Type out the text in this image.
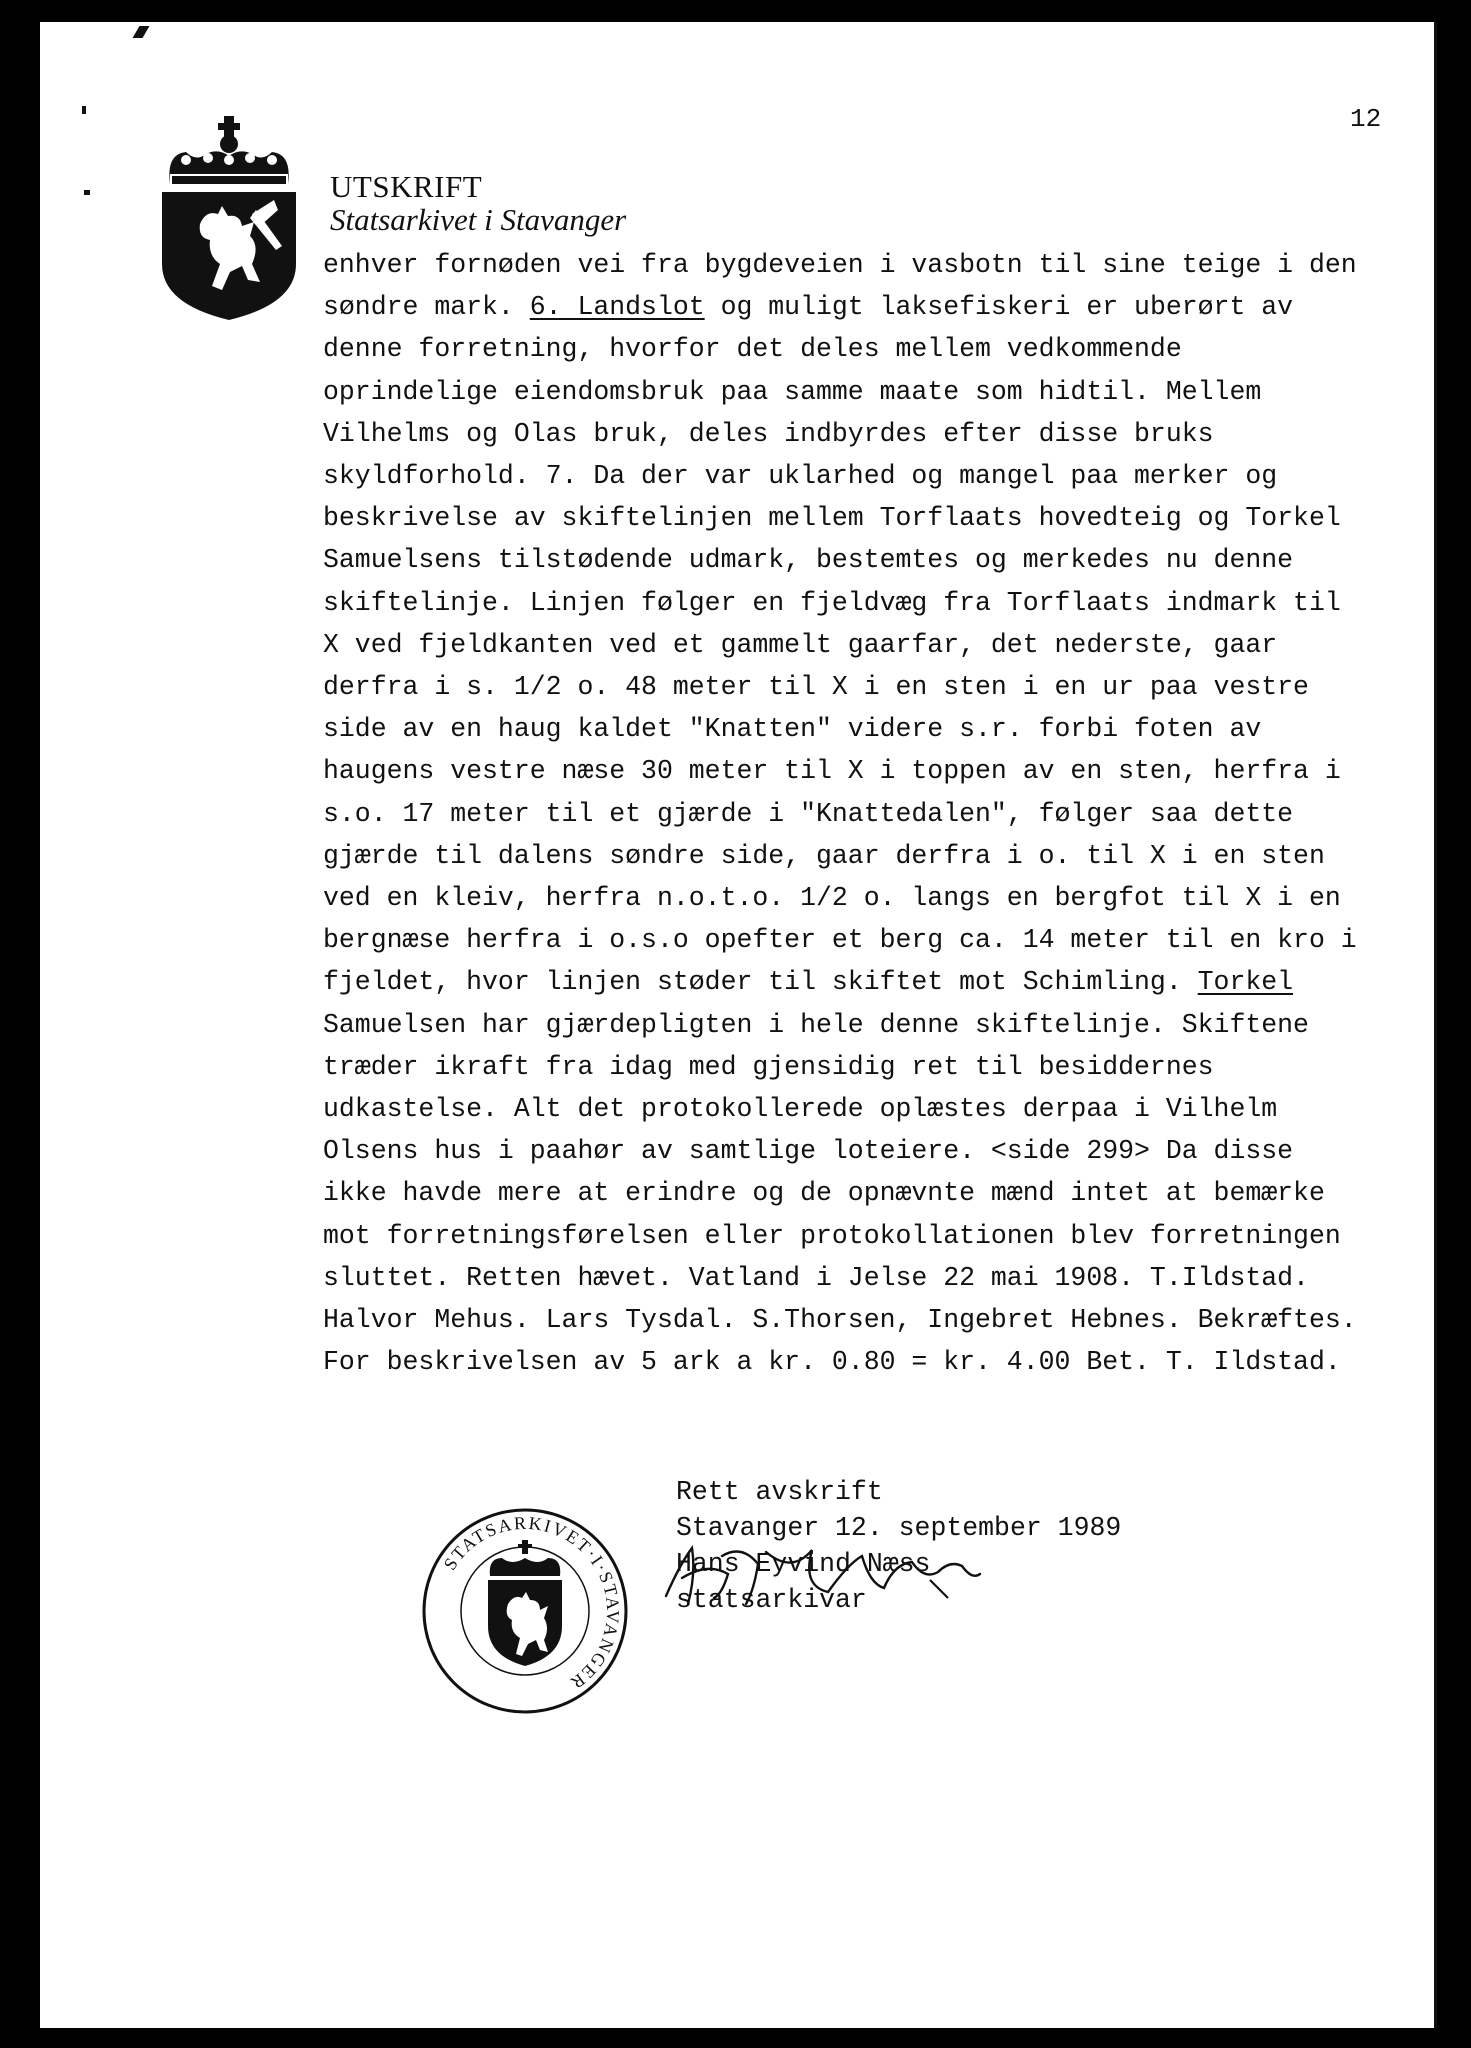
12
UTSKRIFT
Statsarkivet i Stavanger
enhver fornøden vei fra bygdeveien i vasbotn til sine teige i den
søndre mark. 6. Landslot og muligt laksefiskeri er uberørt av
denne forretning, hvorfor det deles mellem vedkommende
oprindelige eiendomsbruk paa samme maate som hidtil. Mellem
Vilhelms og Olas bruk, deles indbyrdes efter disse bruks
skyldforhold. 7. Da der var uklarhed og mangel paa merker og
beskrivelse av skiftelinjen mellem Torflaats hovedteig og Torkel
Samuelsens tilstødende udmark, bestemtes og merkedes nu denne
skiftelinje. Linjen følger en fjeldvæg fra Torflaats indmark til
X ved fjeldkanten ved et gammelt gaarfar, det nederste, gaar
derfra i s. 1/2 o. 48 meter til X i en sten i en ur paa vestre
side av en haug kaldet "Knatten" videre s.r. forbi foten av
haugens vestre næse 30 meter til X i toppen av en sten, herfra i
s.o. 17 meter til et gjærde i "Knattedalen", følger saa dette
gjærde til dalens søndre side, gaar derfra i o. til X i en sten
ved en kleiv, herfra n.o.t.o. 1/2 o. langs en bergfot til X i en
bergnæse herfra i o.s.o opefter et berg ca. 14 meter til en kro i
fjeldet, hvor linjen støder til skiftet mot Schimling. Torkel
Samuelsen har gjærdepligten i hele denne skiftelinje. Skiftene
træder ikraft fra idag med gjensidig ret til besiddernes
udkastelse. Alt det protokollerede oplæstes derpaa i Vilhelm
Olsens hus i paahør av samtlige loteiere. <side 299> Da disse
ikke havde mere at erindre og de opnævnte mænd intet at bemærke
mot forretningsførelsen eller protokollationen blev forretningen
sluttet. Retten hævet. Vatland i Jelse 22 mai 1908. T.Ildstad.
Halvor Mehus. Lars Tysdal. S.Thorsen, Ingebret Hebnes. Bekræftes.
For beskrivelsen av 5 ark a kr. 0.80 = kr. 4.00 Bet. T. Ildstad.
Rett avskrift
Stavanger 12. september 1989
Hans Eyvind Næss
statsarkivar
STATSARKIVET·I·STAVANGER
